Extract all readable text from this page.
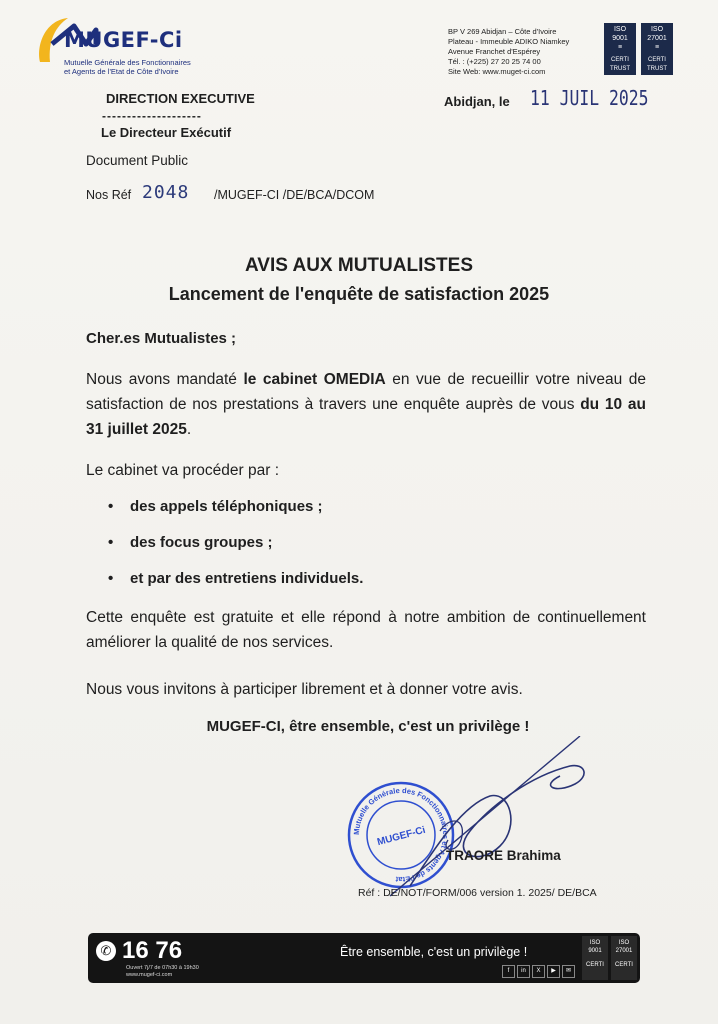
MUGEF-Ci
Mutuelle Générale des Fonctionnaires
et Agents de l'Etat de Côte d'Ivoire
BP V 269 Abidjan – Côte d'Ivoire
Plateau - Immeuble ADIKO Niamkey
Avenue Franchet d'Espérey
Tél. : (+225) 27 20 25 74 00
Site Web: www.muget-ci.com
ISO
9001
≡
CERTI
TRUST
ISO
27001
≡
CERTI
TRUST
DIRECTION EXECUTIVE
--------------------
Le Directeur Exécutif
Document Public
Nos Réf 2048 /MUGEF-CI /DE/BCA/DCOM
Abidjan, le 11 JUIL 2025
AVIS AUX MUTUALISTES
Lancement de l'enquête de satisfaction 2025
Cher.es Mutualistes ;
Nous avons mandaté le cabinet OMEDIA en vue de recueillir votre niveau de satisfaction de nos prestations à travers une enquête auprès de vous du 10 au 31 juillet 2025.
Le cabinet va procéder par :
• des appels téléphoniques ;
• des focus groupes ;
• et par des entretiens individuels.
Cette enquête est gratuite et elle répond à notre ambition de continuellement améliorer la qualité de nos services.
Nous vous invitons à participer librement et à donner votre avis.
MUGEF-CI, être ensemble, c'est un privilège !
Mutuelle Générale des Fonctionnaires et Agents de l'Etat
MUGEF-Ci
TRAORE Brahima
Réf : DE/NOT/FORM/006 version 1. 2025/ DE/BCA
✆ 16 76
Ouvert 7j/7 de 07h30 à 19h30
www.mugef-ci.com
Être ensemble, c'est un privilège !
f	in	X	▶	✉
ISO
9001
CERTI
ISO
27001
CERTI
